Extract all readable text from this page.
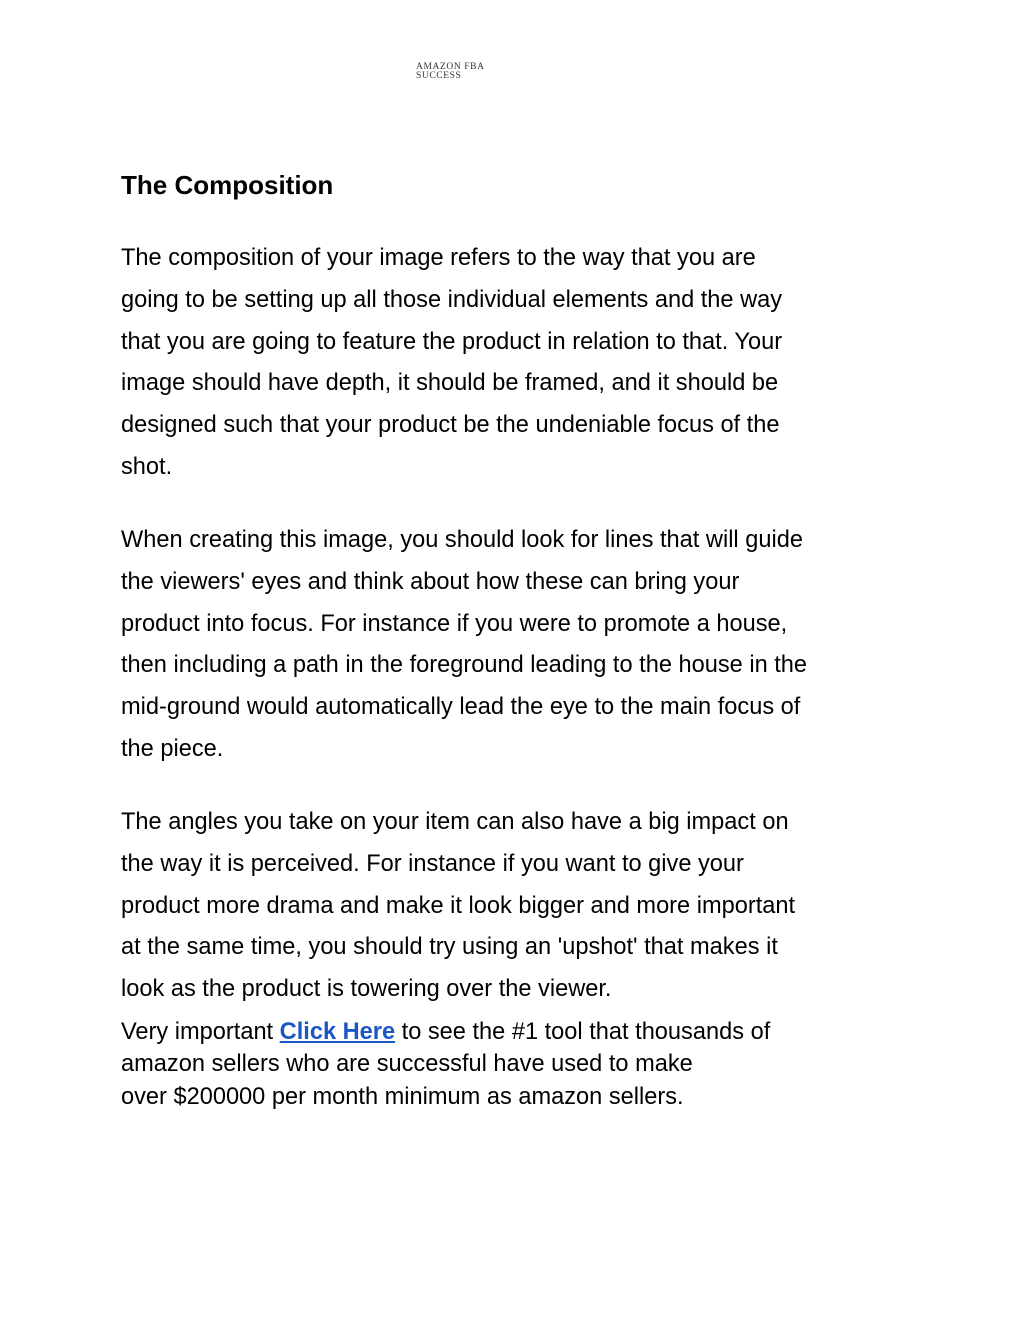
AMAZON FBA
SUCCESS
The Composition

The composition of your image refers to the way that you are
going to be setting up all those individual elements and the way
that you are going to feature the product in relation to that. Your
image should have depth, it should be framed, and it should be
designed such that your product be the undeniable focus of the
shot.

When creating this image, you should look for lines that will guide
the viewers' eyes and think about how these can bring your
product into focus. For instance if you were to promote a house,
then including a path in the foreground leading to the house in the
mid-ground would automatically lead the eye to the main focus of
the piece.

The angles you take on your item can also have a big impact on
the way it is perceived. For instance if you want to give your
product more drama and make it look bigger and more important
at the same time, you should try using an 'upshot' that makes it
look as the product is towering over the viewer.

Very important Click Here to see the #1 tool that thousands of
amazon sellers who are successful have used to make
over $200000 per month minimum as amazon sellers.
